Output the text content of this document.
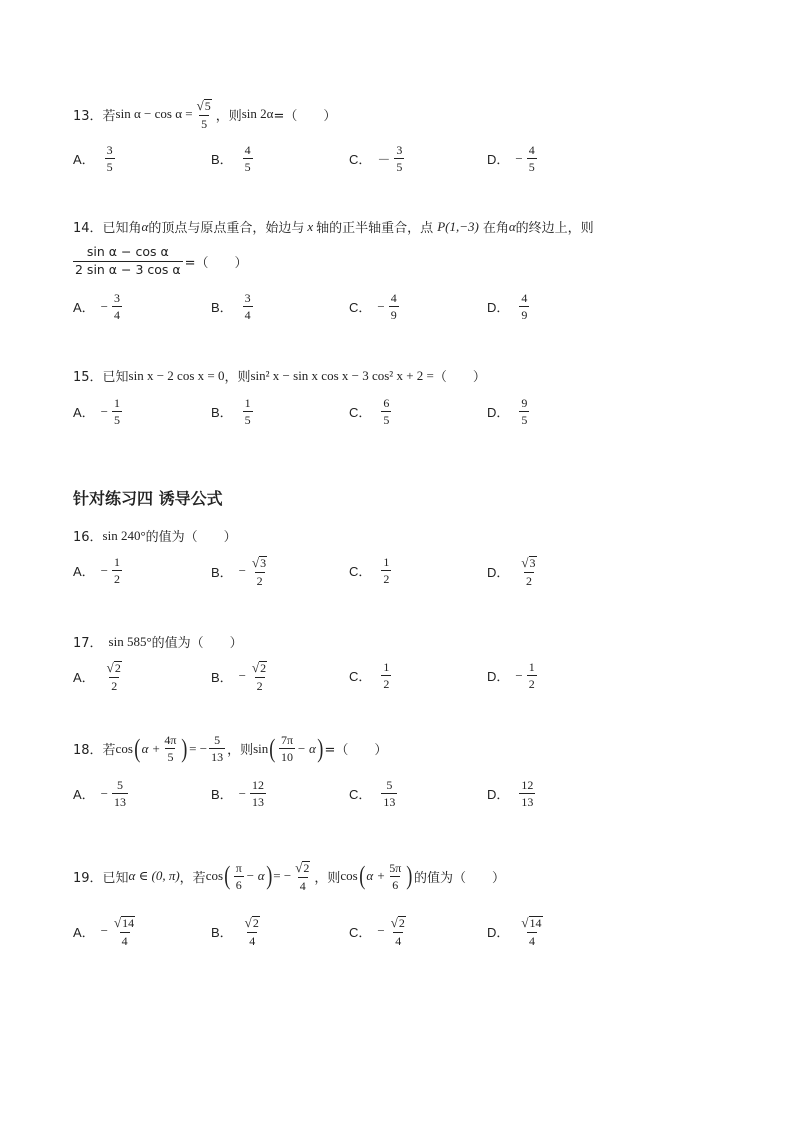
13．若 $\sin \alpha - \cos \alpha = \frac{√ 5}{5}$ ，则 sin 2α =（　　）
A． $\frac{3}{5}$	B． $\frac{4}{5}$	C． － $\frac{3}{5}$	D． − $\frac{4}{5}$
14．已知角 α 的顶点与原点重合，始边与 x 轴的正半轴重合，点 P(1,−3) 在角 α 的终边上，则
$\frac{\text{sin α − cos α}}{\text{2 sin α − 3 cos α}}$ =（　　）
A． − $\frac{3}{4}$	B． $\frac{3}{4}$	C． − $\frac{4}{9}$	D． $\frac{4}{9}$
15．已知 sin x − 2 cos x = 0 ，则 sin² x − sin x cos x − 3 cos² x + 2 = （　　）
A． − $\frac{1}{5}$	B． $\frac{1}{5}$	C． $\frac{6}{5}$	D． $\frac{9}{5}$
针对练习四 诱导公式
16． sin 240° 的值为（　　）
A． − $\frac{1}{2}$	B． − $\frac{√ 3}{2}$	C． $\frac{1}{2}$	D． $\frac{√ 3}{2}$
17． sin 585° 的值为（　　）
A． $\frac{√ 2}{2}$	B． − $\frac{√ 2}{2}$	C． $\frac{1}{2}$	D． − $\frac{1}{2}$
18．若 cos ( $\alpha + \frac{4\pi}{5}$ ) = − $\frac{5}{13}$ ，则 sin ( $\frac{7\pi}{10} - \alpha$ ) =（　　）
A． − $\frac{5}{13}$	B． − $\frac{12}{13}$	C． $\frac{5}{13}$	D． $\frac{12}{13}$
19．已知 α ∈ (0, π) ，若 cos ( $\frac{\pi}{6} - \alpha$ ) = − $\frac{√ 2}{4}$ ，则 cos ( $\alpha + \frac{5\pi}{6}$ ) 的值为（　　）
A． − $\frac{√ 14}{4}$	B． $\frac{√ 2}{4}$	C． − $\frac{√ 2}{4}$	D． $\frac{√ 14}{4}$
